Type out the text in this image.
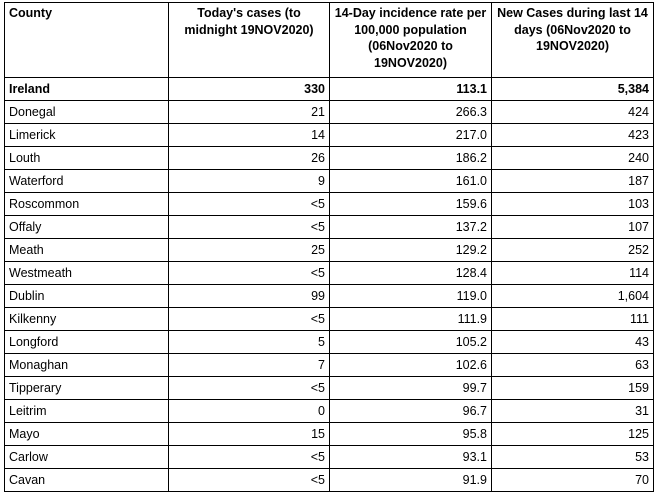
County	Today's cases (to midnight 19NOV2020)	14-Day incidence rate per 100,000 population (06Nov2020 to 19NOV2020)	New Cases during last 14 days (06Nov2020 to 19NOV2020)
Ireland	330	113.1	5,384
Donegal	21	266.3	424
Limerick	14	217.0	423
Louth	26	186.2	240
Waterford	9	161.0	187
Roscommon	<5	159.6	103
Offaly	<5	137.2	107
Meath	25	129.2	252
Westmeath	<5	128.4	114
Dublin	99	119.0	1,604
Kilkenny	<5	111.9	111
Longford	5	105.2	43
Monaghan	7	102.6	63
Tipperary	<5	99.7	159
Leitrim	0	96.7	31
Mayo	15	95.8	125
Carlow	<5	93.1	53
Cavan	<5	91.9	70
